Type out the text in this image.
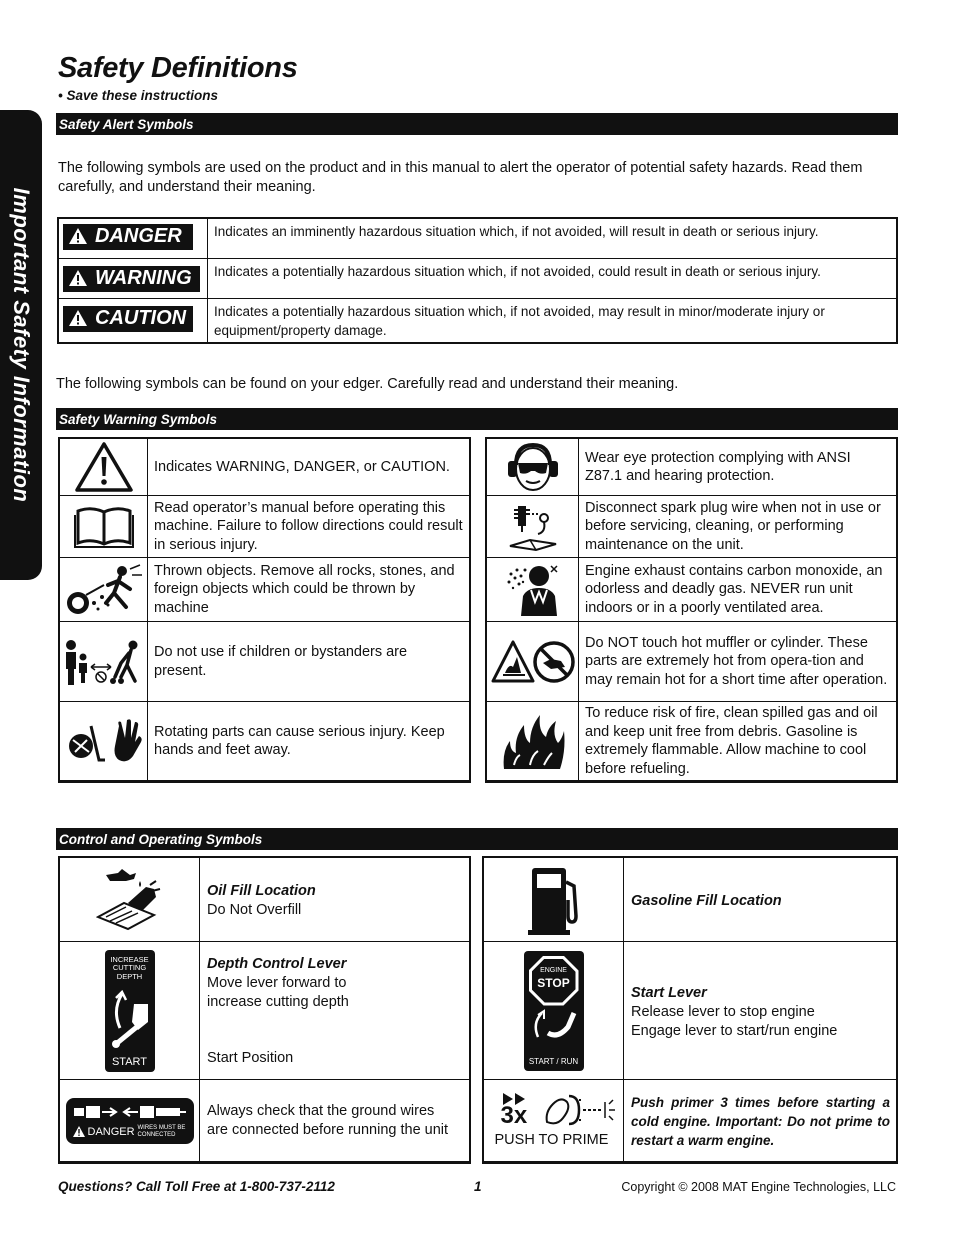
Important Safety Information
Safety Definitions
• Save these instructions
Safety Alert Symbols
The following symbols are used on the product and in this manual to alert the operator of potential safety hazards. Read them carefully, and understand their meaning.
DANGER	Indicates an imminently hazardous situation which, if not avoided, will result in death or serious injury.
WARNING	Indicates a potentially hazardous situation which, if not avoided, could result in death or serious injury.
CAUTION	Indicates a potentially hazardous situation which, if not avoided, may result in minor/moderate injury or equipment/property damage.
The following symbols can be found on your edger. Carefully read and understand their meaning.
Safety Warning Symbols
Indicates WARNING, DANGER, or CAUTION.
Read operator’s manual before operating this machine. Failure to follow directions could result in serious injury.
Thrown objects. Remove all rocks, stones, and foreign objects which could be thrown by machine
Do not use if children or bystanders are present.
Rotating parts can cause serious injury. Keep hands and feet away.
Wear eye protection complying with ANSI Z87.1 and hearing protection.
Disconnect spark plug wire when not in use or before servicing, cleaning, or performing maintenance on the unit.
Engine exhaust contains carbon monoxide, an odorless and deadly gas. NEVER run unit indoors or in a poorly ventilated area.
Do NOT touch hot muffler or cylinder. These parts are extremely hot from opera-tion and may remain hot for a short time after operation.
To reduce risk of fire, clean spilled gas and oil and keep unit free from debris. Gasoline is extremely flammable. Allow machine to cool before refueling.
Control and Operating Symbols
Oil Fill Location
Do Not Overfill
INCREASE CUTTING DEPTH
START
Depth Control Lever
Move lever forward to
increase cutting depth
Start Position
DANGER WIRES MUST BE CONNECTED
Always check that the ground wires
are connected before running the unit
Gasoline Fill Location
ENGINE
STOP
START / RUN
Start Lever
Release lever to stop engine
Engage lever to start/run engine
3x
PUSH TO PRIME
Push primer 3 times before starting a cold engine. Important: Do not prime to restart a warm engine.
Questions? Call Toll Free at 1-800-737-2112	1	Copyright © 2008 MAT Engine Technologies, LLC
